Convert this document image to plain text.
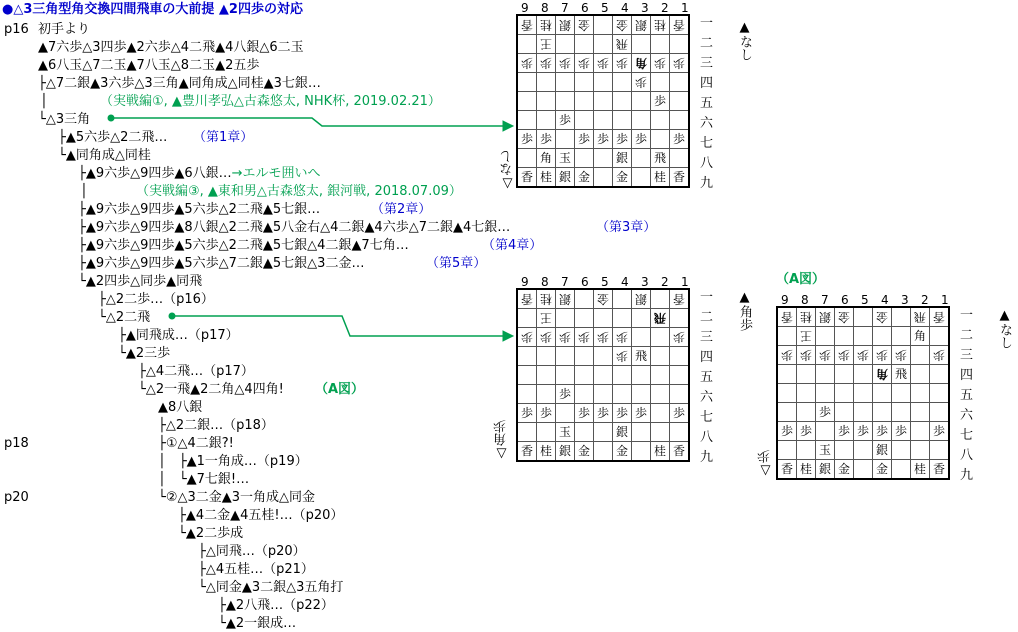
●△3三角型角交換四間飛車の大前提 ▲2四歩の対応
p16
p18
p20
初手より
▲7六歩△3四歩▲2六歩△4二飛▲4八銀△6二玉
▲6八玉△7二玉▲7八玉△8二玉▲2五歩
├△7二銀▲3六歩△3三角▲同角成△同桂▲3七銀…
│	（実戦編①, ▲豊川孝弘△古森悠太, NHK杯, 2019.02.21）
└△3三角
├▲5六歩△2二飛… （第1章）
└▲同角成△同桂
├▲9六歩△9四歩▲6八銀…→エルモ囲いへ
│	（実戦編③, ▲東和男△古森悠太, 銀河戦, 2018.07.09）
├▲9六歩△9四歩▲5六歩△2二飛▲5七銀…	（第2章）
├▲9六歩△9四歩▲8八銀△2二飛▲5八金右△4二銀▲4六歩△7二銀▲4七銀…	（第3章）
├▲9六歩△9四歩▲5六歩△2二飛▲5七銀△4二銀▲7七角…	（第4章）
├▲9六歩△9四歩▲5六歩△7二銀▲5七銀△3二金…	（第5章）
└▲2四歩△同歩▲同飛
├△2二歩…（p16）
└△2二飛
├▲同飛成…（p17）
└▲2三歩
├△4二飛…（p17）
└△2一飛▲2二角△4四角! （A図）
▲8八銀
├△2二銀…（p18）
├①△4二銀?!
│　├▲1一角成…（p19）
│　└▲7七銀!…
└②△3二金▲3一角成△同金
├▲4二金▲4五桂!…（p20）
└▲2二歩成
├△同飛…（p20）
├△4五桂…（p21）
└△同金▲3二銀△3五角打
├▲2八飛…（p22）
└▲2一銀成…
9 8 7 6 5 4 3 2 1
一
二
三
四
五
六
七
八
九
香	桂	銀	金		金	銀	桂	香
	王				飛			
歩	歩	歩	歩	歩	歩	角	歩	歩
						歩		
							歩	
		歩						
歩	歩		歩	歩	歩	歩		歩
	角	玉			銀		飛	
香	桂	銀	金		金		桂	香
▲なし
△なし
9 8 7 6 5 4 3 2 1
一
二
三
四
五
六
七
八
九
香	桂	銀		金		銀		香
	王						飛	
歩	歩	歩	歩	歩	歩			歩
					歩	飛		

		歩						
歩	歩		歩	歩	歩	歩		歩
		玉			銀			
香	桂	銀	金		金		桂	香
▲角歩
△角歩
9 8 7 6 5 4 3 2 1
一
二
三
四
五
六
七
八
九
香	桂	銀	金		金		飛	香
	王						角	
歩	歩	歩	歩	歩	歩	歩		歩
					角	飛		

		歩						
歩	歩		歩	歩	歩	歩		歩
		玉			銀			
香	桂	銀	金		金		桂	香
▲なし
△歩
（A図）
